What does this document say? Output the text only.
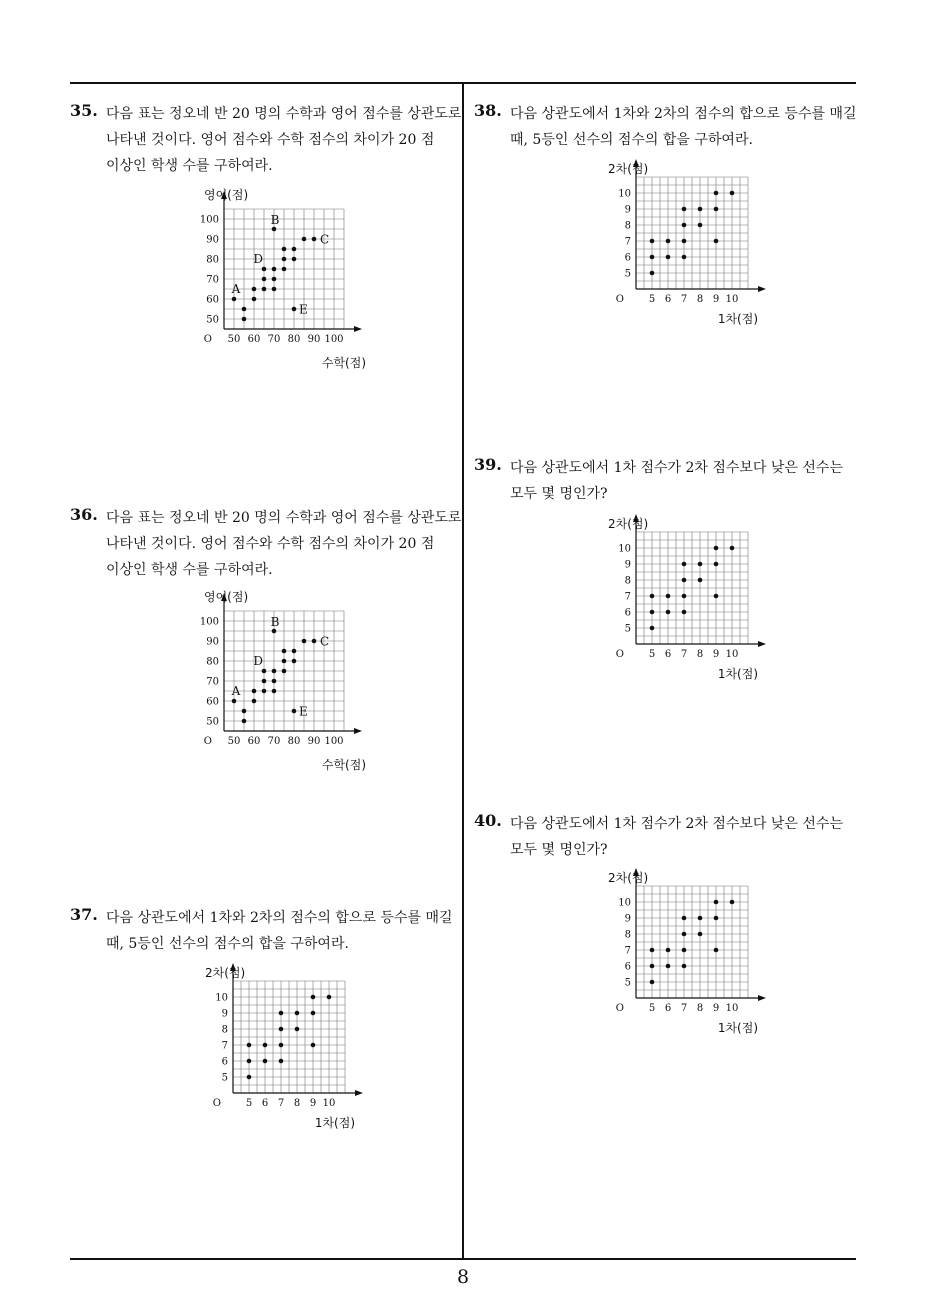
35. 다음 표는 정오네 반 20 명의 수학과 영어 점수를 상관도로 나타낸 것이다. 영어 점수와 수학 점수의 차이가 20 점 이상인 학생 수를 구하여라.
50 60 70 80 90 100
50
60
70
80
90
100
O
영어(점)
수학(점)
A
D
B
E
C
36. 다음 표는 정오네 반 20 명의 수학과 영어 점수를 상관도로 나타낸 것이다. 영어 점수와 수학 점수의 차이가 20 점 이상인 학생 수를 구하여라.
50 60 70 80 90 100
50
60
70
80
90
100
O
영어(점)
수학(점)
A
D
B
E
C
37. 다음 상관도에서 1차와 2차의 점수의 합으로 등수를 매길 때, 5등인 선수의 점수의 합을 구하여라.
5 6 7 8 9 10
5
6
7
8
9
10
O
2차(점)
1차(점)
38. 다음 상관도에서 1차와 2차의 점수의 합으로 등수를 매길 때, 5등인 선수의 점수의 합을 구하여라.
5 6 7 8 9 10
5
6
7
8
9
10
O
2차(점)
1차(점)
39. 다음 상관도에서 1차 점수가 2차 점수보다 낮은 선수는 모두 몇 명인가?
5 6 7 8 9 10
5
6
7
8
9
10
O
2차(점)
1차(점)
40. 다음 상관도에서 1차 점수가 2차 점수보다 낮은 선수는 모두 몇 명인가?
5 6 7 8 9 10
5
6
7
8
9
10
O
2차(점)
1차(점)
8
